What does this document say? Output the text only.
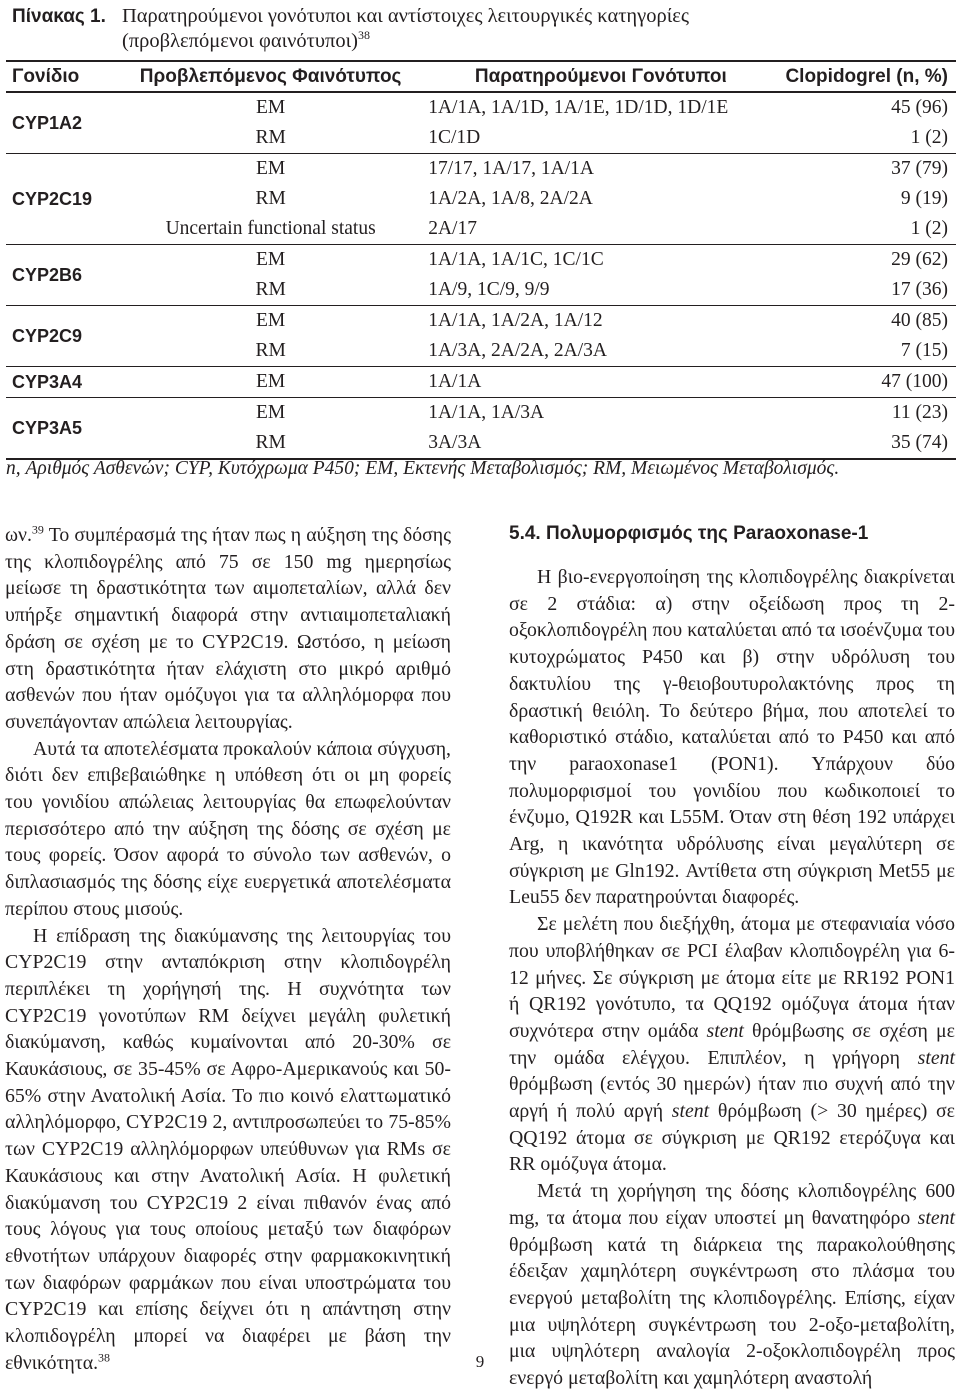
Πίνακας 1. Παρατηρούμενοι γονότυποι και αντίστοιχες λειτουργικές κατηγορίες
(προβλεπόμενοι φαινότυποι)$^{38}$
Γονίδιο	Προβλεπόμενος Φαινότυπος	Παρατηρούμενοι Γονότυποι	Clopidogrel (n, %)
CYP1A2	EM	1A/1A, 1A/1D, 1A/1E, 1D/1D, 1D/1E	45 (96)
	RM	1C/1D	1 (2)
CYP2C19	EM	17/17, 1A/17, 1A/1A	37 (79)
	RM	1A/2A, 1A/8, 2A/2A	9 (19)
	Uncertain functional status	2A/17	1 (2)
CYP2B6	EM	1A/1A, 1A/1C, 1C/1C	29 (62)
	RM	1A/9, 1C/9, 9/9	17 (36)
CYP2C9	EM	1A/1A, 1A/2A, 1A/12	40 (85)
	RM	1A/3A, 2A/2A, 2A/3A	7 (15)
CYP3A4	EM	1A/1A	47 (100)
CYP3A5	EM	1A/1A, 1A/3A	11 (23)
	RM	3A/3A	35 (74)
n, Αριθμός Ασθενών; CYP, Κυτόχρωμα P450; EM, Εκτενής Μεταβολισμός; RM, Μειωμένος Μεταβολισμός.

ων.$^{39}$ Το συμπέρασμά της ήταν πως η αύξηση της δόσης της κλοπιδογρέλης από 75 σε 150 mg ημερησίως μείωσε τη δραστικότητα των αιμοπεταλίων, αλλά δεν υπήρξε σημαντική διαφορά στην αντιαιμοπεταλιακή δράση σε σχέση με το CYP2C19. Ωστόσο, η μείωση στη δραστικότητα ήταν ελάχιστη στο μικρό αριθμό ασθενών που ήταν ομόζυγοι για τα αλληλόμορφα που συνεπάγονταν απώλεια λειτουργίας.

Αυτά τα αποτελέσματα προκαλούν κάποια σύγχυση, διότι δεν επιβεβαιώθηκε η υπόθεση ότι οι μη φορείς του γονιδίου απώλειας λειτουργίας θα επωφελούνταν περισσότερο από την αύξηση της δόσης σε σχέση με τους φορείς. Όσον αφορά το σύνολο των ασθενών, ο διπλασιασμός της δόσης είχε ευεργετικά αποτελέσματα περίπου στους μισούς.

Η επίδραση της διακύμανσης της λειτουργίας του CYP2C19 στην ανταπόκριση στην κλοπιδογρέλη περιπλέκει τη χορήγησή της. Η συχνότητα των CYP2C19 γονοτύπων RM δείχνει μεγάλη φυλετική διακύμανση, καθώς κυμαίνονται από 20-30% σε Καυκάσιους, σε 35-45% σε Αφρο-Αμερικανούς και 50-65% στην Ανατολική Ασία. Το πιο κοινό ελαττωματικό αλληλόμορφο, CYP2C19 2, αντιπροσωπεύει το 75-85% των CYP2C19 αλληλόμορφων υπεύθυνων για RMs σε Καυκάσιους και στην Ανατολική Ασία. Η φυλετική διακύμανση του CYP2C19 2 είναι πιθανόν ένας από τους λόγους για τους οποίους μεταξύ των διαφόρων εθνοτήτων υπάρχουν διαφορές στην φαρμακοκινητική των διαφόρων φαρμάκων που είναι υποστρώματα του CYP2C19 και επίσης δείχνει ότι η απάντηση στην κλοπιδογρέλη μπορεί να διαφέρει με βάση την εθνικότητα.$^{38}$

5.4. Πολυμορφισμός της Paraoxonase-1

Η βιο-ενεργοποίηση της κλοπιδογρέλης διακρίνεται σε 2 στάδια: α) στην οξείδωση προς τη 2-οξοκλοπιδογρέλη που καταλύεται από τα ισοένζυμα του κυτοχρώματος P450 και β) στην υδρόλυση του δακτυλίου της γ-θειοβουτυρολακτόνης προς τη δραστική θειόλη. Το δεύτερο βήμα, που αποτελεί το καθοριστικό στάδιο, καταλύεται από το P450 και από την paraoxonase1 (PON1). Υπάρχουν δύο πολυμορφισμοί του γονιδίου που κωδικοποιεί το ένζυμο, Q192R και L55M. Όταν στη θέση 192 υπάρχει Arg, η ικανότητα υδρόλυσης είναι μεγαλύτερη σε σύγκριση με Gln192. Αντίθετα στη σύγκριση Met55 με Leu55 δεν παρατηρούνται διαφορές.

Σε μελέτη που διεξήχθη, άτομα με στεφανιαία νόσο που υποβλήθηκαν σε PCI έλαβαν κλοπιδογρέλη για 6-12 μήνες. Σε σύγκριση με άτομα είτε με RR192 PON1 ή QR192 γονότυπο, τα QQ192 ομόζυγα άτομα ήταν συχνότερα στην ομάδα stent θρόμβωσης σε σχέση με την ομάδα ελέγχου. Επιπλέον, η γρήγορη stent θρόμβωση (εντός 30 ημερών) ήταν πιο συχνή από την αργή ή πολύ αργή stent θρόμβωση (> 30 ημέρες) σε QQ192 άτομα σε σύγκριση με QR192 ετερόζυγα και RR ομόζυγα άτομα.

Μετά τη χορήγηση της δόσης κλοπιδογρέλης 600 mg, τα άτομα που είχαν υποστεί μη θανατηφόρο stent θρόμβωση κατά τη διάρκεια της παρακολούθησης έδειξαν χαμηλότερη συγκέντρωση στο πλάσμα του ενεργού μεταβολίτη της κλοπιδογρέλης. Επίσης, είχαν μια υψηλότερη συγκέντρωση του 2-οξο-μεταβολίτη, μια υψηλότερη αναλογία 2-οξοκλοπιδογρέλη προς ενεργό μεταβολίτη και χαμηλότερη αναστολή

9
